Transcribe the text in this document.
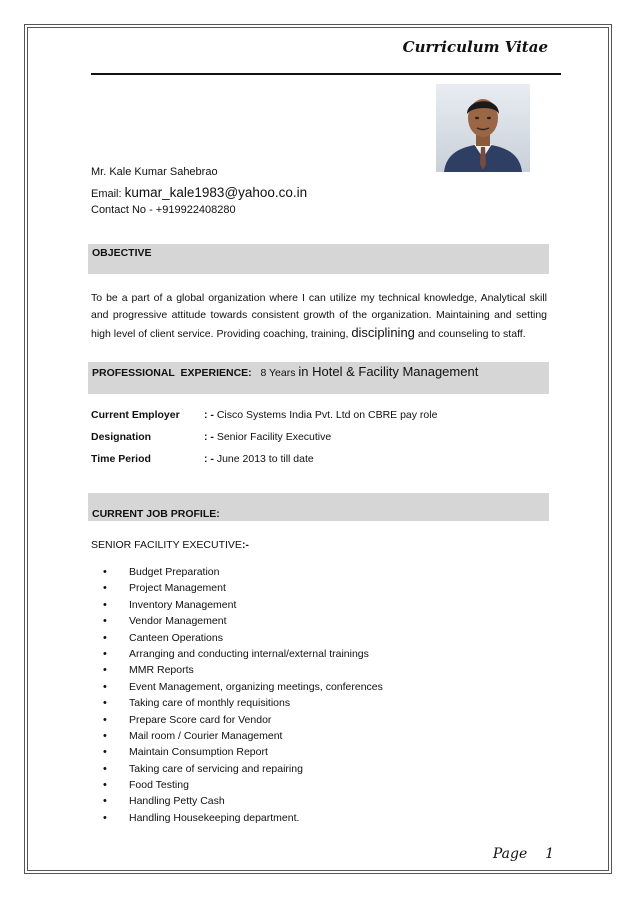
Curriculum Vitae
Mr. Kale Kumar Sahebrao
Email: kumar_kale1983@yahoo.co.in
Contact No - +919922408280
OBJECTIVE
To be a part of a global organization where I can utilize my technical knowledge, Analytical skill and progressive attitude towards consistent growth of the organization. Maintaining and setting high level of client service. Providing coaching, training, disciplining and counseling to staff.
PROFESSIONAL  EXPERIENCE: 8 Years in Hotel & Facility Management
Current Employer : - Cisco Systems India Pvt. Ltd on CBRE pay role
Designation	: - Senior Facility Executive
Time Period	: - June 2013 to till date
CURRENT JOB PROFILE:
SENIOR FACILITY EXECUTIVE:-
• Budget Preparation
• Project Management
• Inventory Management
• Vendor Management
• Canteen Operations
• Arranging and conducting internal/external trainings
• MMR Reports
• Event Management, organizing meetings, conferences
• Taking care of monthly requisitions
• Prepare Score card for Vendor
• Mail room / Courier Management
• Maintain Consumption Report
• Taking care of servicing and repairing
• Food Testing
• Handling Petty Cash
• Handling Housekeeping department.
Page 1
